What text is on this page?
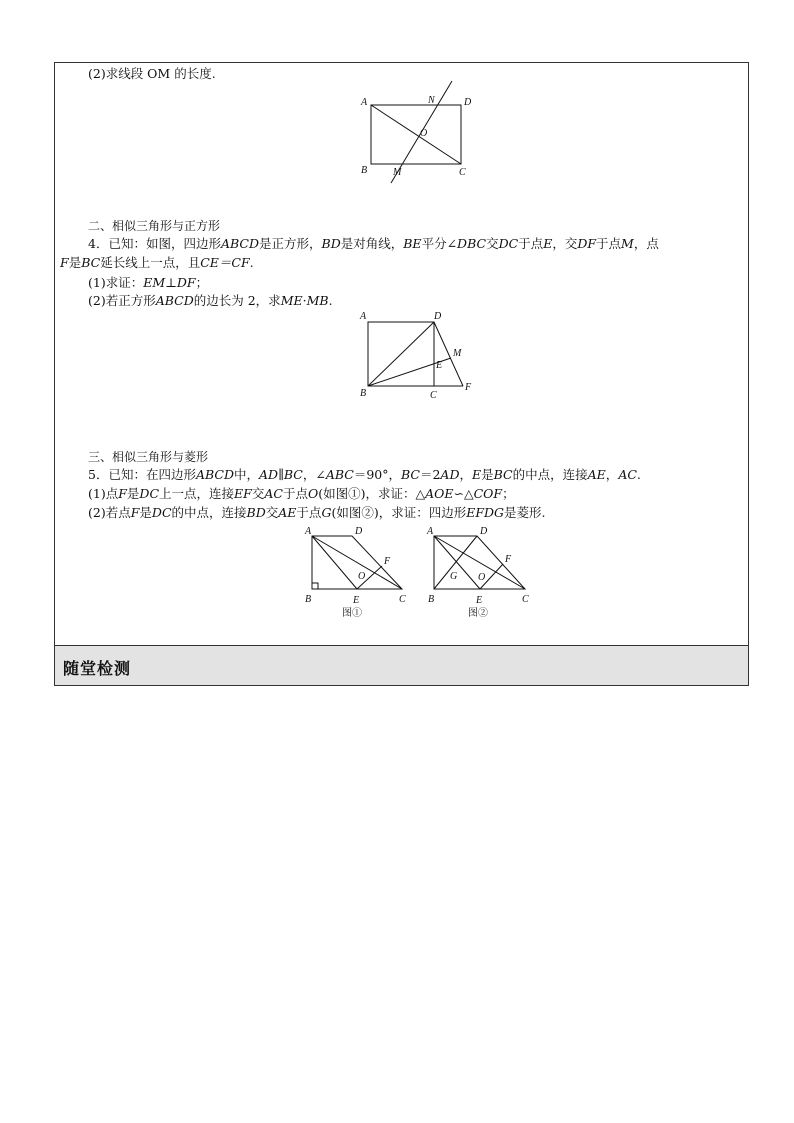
(2)求线段 OM 的长度.
A	N	D
O
B	M	C
二、相似三角形与正方形
4．已知：如图，四边形ABCD是正方形，BD是对角线，BE平分∠DBC交DC于点E，交DF于点M，点
F是BC延长线上一点，且CE＝CF.
(1)求证：EM⊥DF；
(2)若正方形ABCD的边长为 2，求ME·MB.
A	D
M
E
B	C
F
三、相似三角形与菱形
5．已知：在四边形ABCD中，AD∥BC，∠ABC＝90°，BC＝2AD，E是BC的中点，连接AE，AC.
(1)点F是DC上一点，连接EF交AC于点O(如图①)，求证：△AOE∽△COF；
(2)若点F是DC的中点，连接BD交AE于点G(如图②)，求证：四边形EFDG是菱形.
A	D
F
O
B	E	C
图①
A	D
F
G O
B	E	C
图②
随堂检测
